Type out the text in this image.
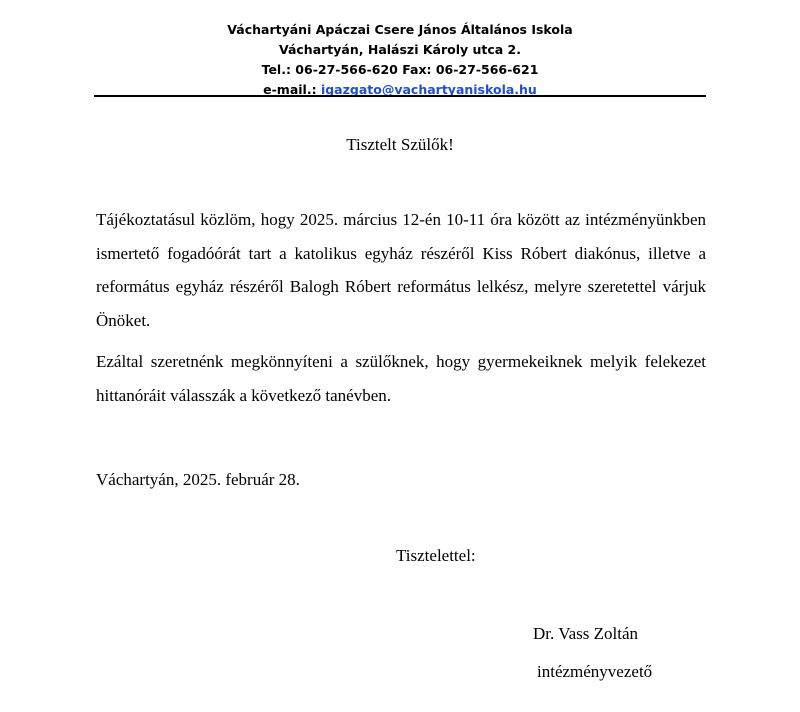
Váchartyáni Apáczai Csere János Általános Iskola
Váchartyán, Halászi Károly utca 2.
Tel.: 06-27-566-620 Fax: 06-27-566-621
e-mail.: igazgato@vachartyaniskola.hu
Tisztelt Szülők!

Tájékoztatásul közlöm, hogy 2025. március 12-én 10-11 óra között az intézményünkben ismertető fogadóórát tart a katolikus egyház részéről Kiss Róbert diakónus, illetve a református egyház részéről Balogh Róbert református lelkész, melyre szeretettel várjuk Önöket.

Ezáltal szeretnénk megkönnyíteni a szülőknek, hogy gyermekeiknek melyik felekezet hittanóráit válasszák a következő tanévben.

Váchartyán, 2025. február 28.
Tisztelettel:
Dr. Vass Zoltán
intézményvezető
